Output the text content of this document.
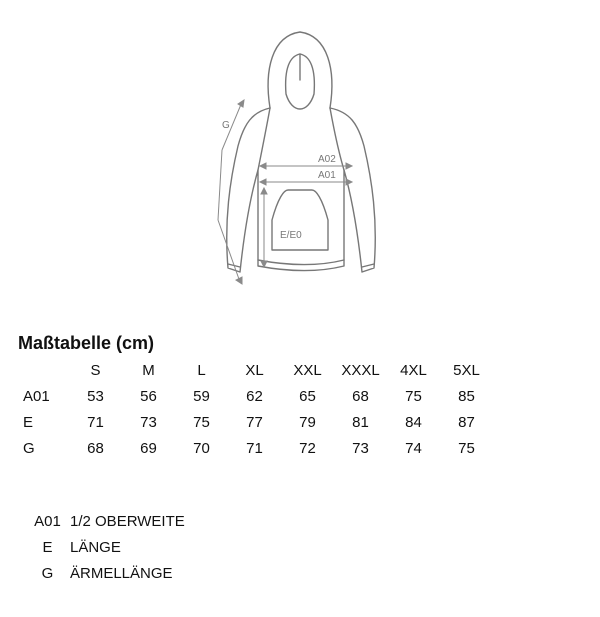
A02
A01
E/E0
G
Maßtabelle (cm)
	S	M	L	XL	XXL	XXXL	4XL	5XL
A01	53	56	59	62	65	68	75	85
E	71	73	75	77	79	81	84	87
G	68	69	70	71	72	73	74	75
A01 1/2 OBERWEITE
E	LÄNGE
G	ÄRMELLÄNGE
